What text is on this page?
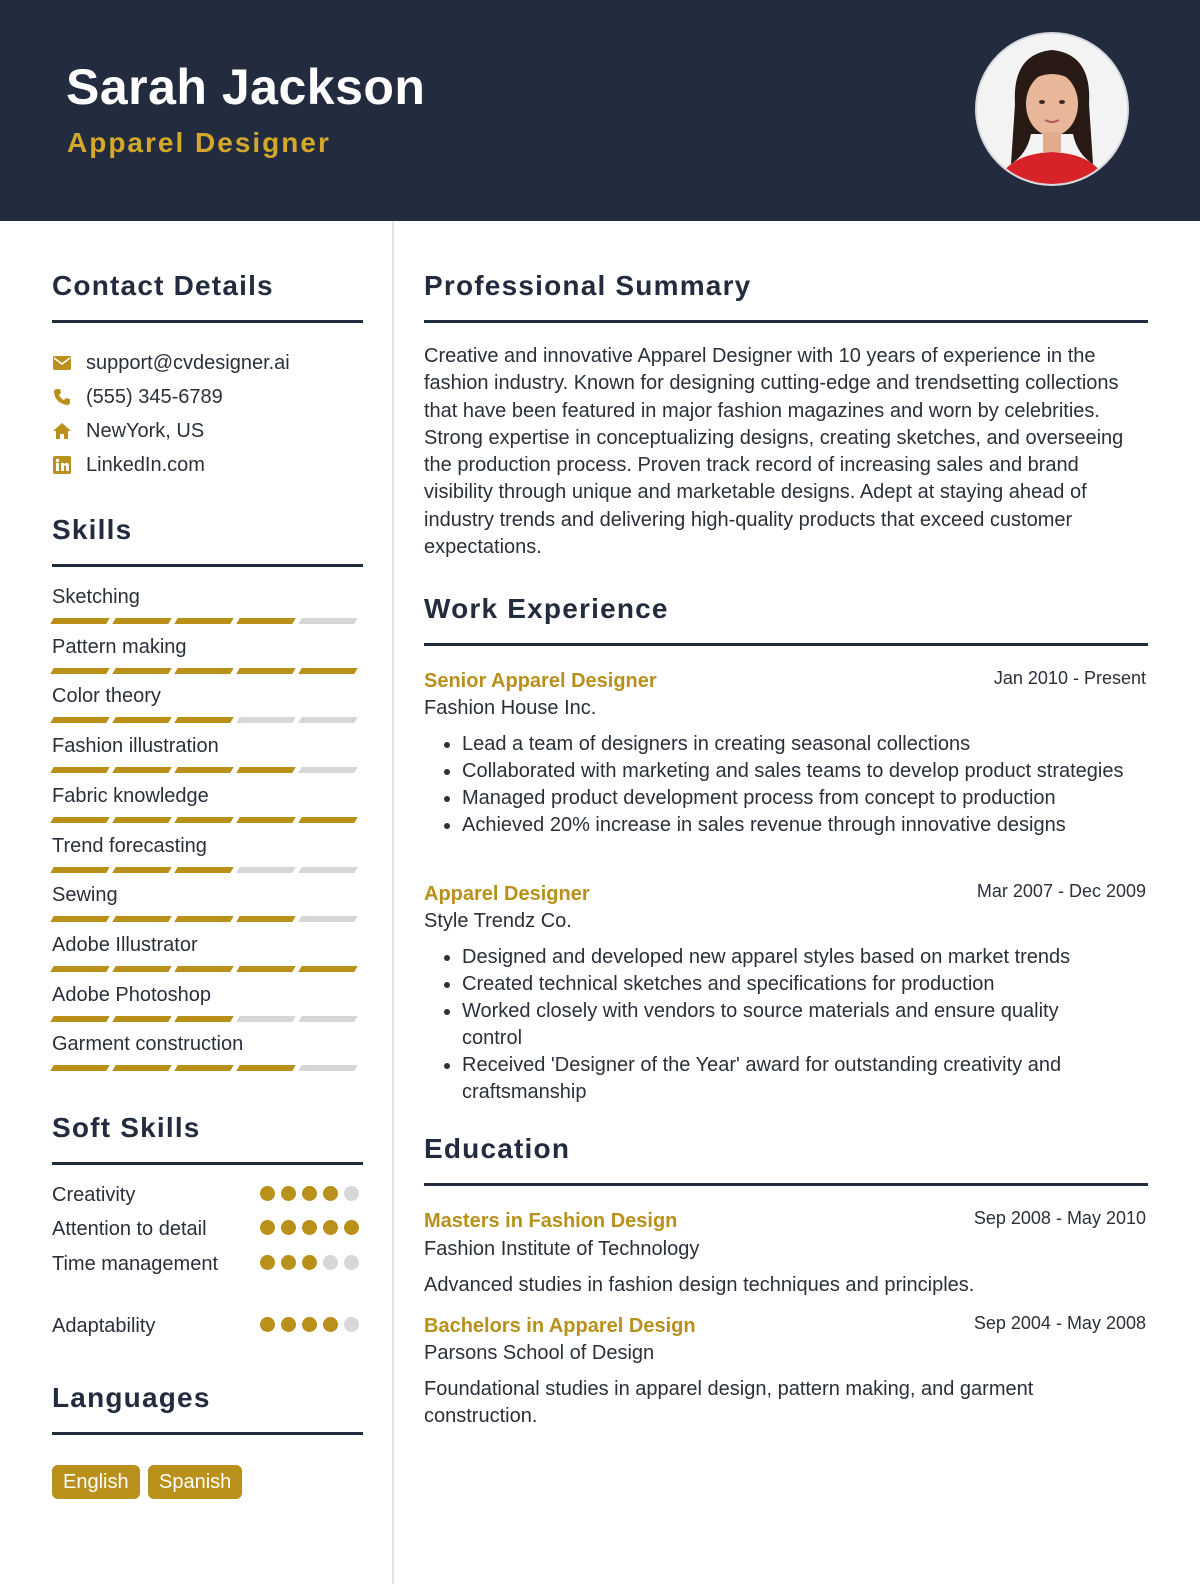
Sarah Jackson
Apparel Designer
Contact Details
support@cvdesigner.ai
(555) 345-6789
NewYork, US
LinkedIn.com
Skills
Sketching
Pattern making
Color theory
Fashion illustration
Fabric knowledge
Trend forecasting
Sewing
Adobe Illustrator
Adobe Photoshop
Garment construction
Soft Skills
Creativity
Attention to detail
Time management
Adaptability
Languages
English	Spanish
Professional Summary
Creative and innovative Apparel Designer with 10 years of experience in the fashion industry. Known for designing cutting-edge and trendsetting collections that have been featured in major fashion magazines and worn by celebrities. Strong expertise in conceptualizing designs, creating sketches, and overseeing the production process. Proven track record of increasing sales and brand visibility through unique and marketable designs. Adept at staying ahead of industry trends and delivering high-quality products that exceed customer expectations.
Work Experience
Senior Apparel Designer	Jan 2010 - Present
Fashion House Inc.
• Lead a team of designers in creating seasonal collections
• Collaborated with marketing and sales teams to develop product strategies
• Managed product development process from concept to production
• Achieved 20% increase in sales revenue through innovative designs
Apparel Designer	Mar 2007 - Dec 2009
Style Trendz Co.
• Designed and developed new apparel styles based on market trends
• Created technical sketches and specifications for production
• Worked closely with vendors to source materials and ensure quality control
• Received 'Designer of the Year' award for outstanding creativity and craftsmanship
Education
Masters in Fashion Design	Sep 2008 - May 2010
Fashion Institute of Technology
Advanced studies in fashion design techniques and principles.
Bachelors in Apparel Design	Sep 2004 - May 2008
Parsons School of Design
Foundational studies in apparel design, pattern making, and garment construction.
